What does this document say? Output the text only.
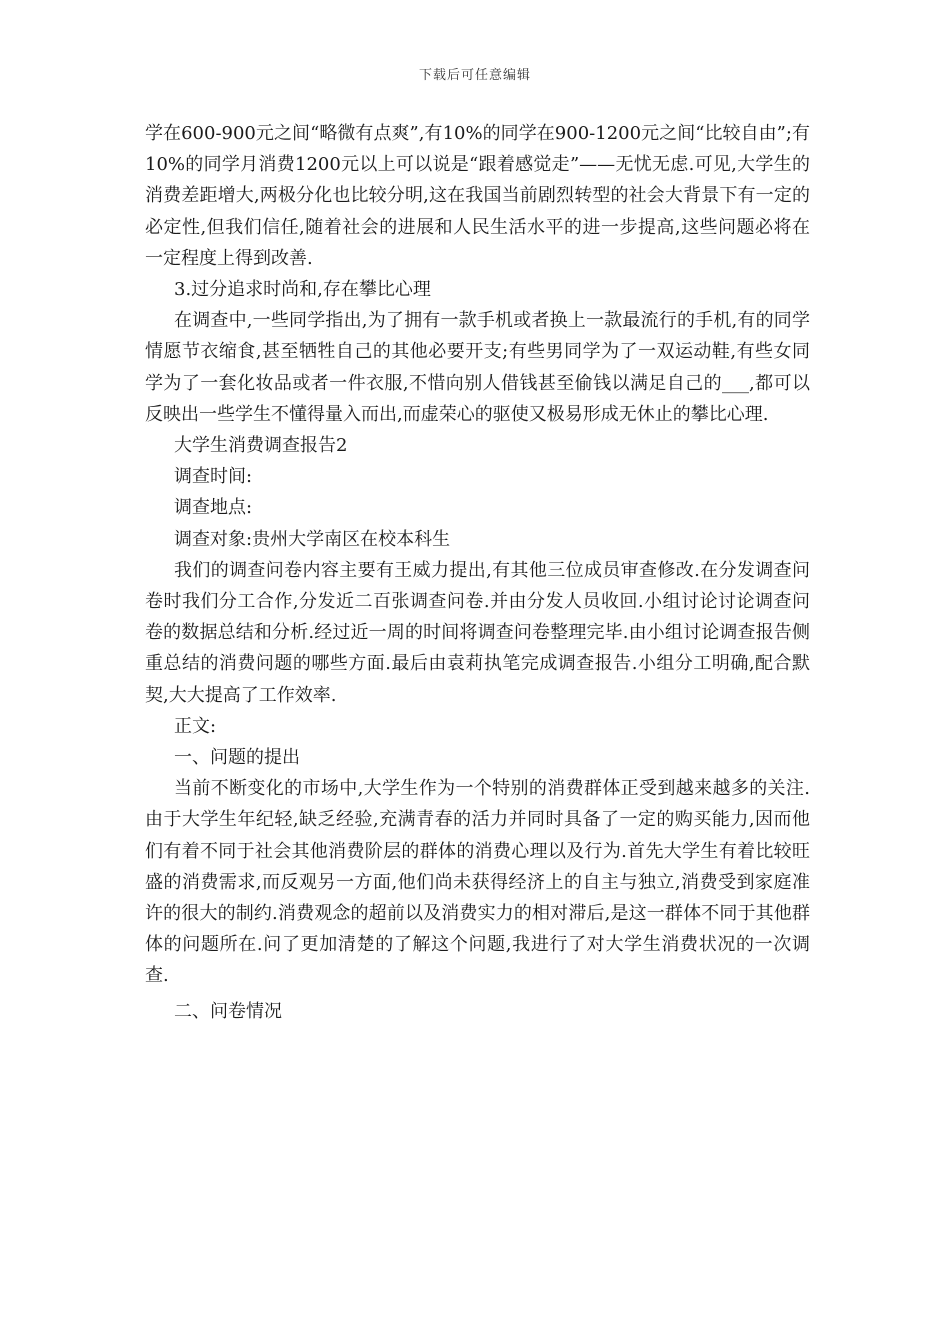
下载后可任意编辑

学在600-900元之间“略微有点爽”,有10%的同学在900-1200元之间“比较自由”;有10%的同学月消费1200元以上可以说是“跟着感觉走”——无忧无虑.可见,大学生的消费差距增大,两极分化也比较分明,这在我国当前剧烈转型的社会大背景下有一定的必定性,但我们信任,随着社会的进展和人民生活水平的进一步提高,这些问题必将在一定程度上得到改善.

3.过分追求时尚和,存在攀比心理

在调查中,一些同学指出,为了拥有一款手机或者换上一款最流行的手机,有的同学情愿节衣缩食,甚至牺牲自己的其他必要开支;有些男同学为了一双运动鞋,有些女同学为了一套化妆品或者一件衣服,不惜向别人借钱甚至偷钱以满足自己的___,都可以反映出一些学生不懂得量入而出,而虚荣心的驱使又极易形成无休止的攀比心理.

大学生消费调查报告2

调查时间:

调查地点:

调查对象:贵州大学南区在校本科生

我们的调查问卷内容主要有王威力提出,有其他三位成员审查修改.在分发调查问卷时我们分工合作,分发近二百张调查问卷.并由分发人员收回.小组讨论讨论调查问卷的数据总结和分析.经过近一周的时间将调查问卷整理完毕.由小组讨论调查报告侧重总结的消费问题的哪些方面.最后由袁莉执笔完成调查报告.小组分工明确,配合默契,大大提高了工作效率.

正文:

一、问题的提出

当前不断变化的市场中,大学生作为一个特别的消费群体正受到越来越多的关注.由于大学生年纪轻,缺乏经验,充满青春的活力并同时具备了一定的购买能力,因而他们有着不同于社会其他消费阶层的群体的消费心理以及行为.首先大学生有着比较旺盛的消费需求,而反观另一方面,他们尚未获得经济上的自主与独立,消费受到家庭准许的很大的制约.消费观念的超前以及消费实力的相对滞后,是这一群体不同于其他群体的问题所在.问了更加清楚的了解这个问题,我进行了对大学生消费状况的一次调查.

二、问卷情况
